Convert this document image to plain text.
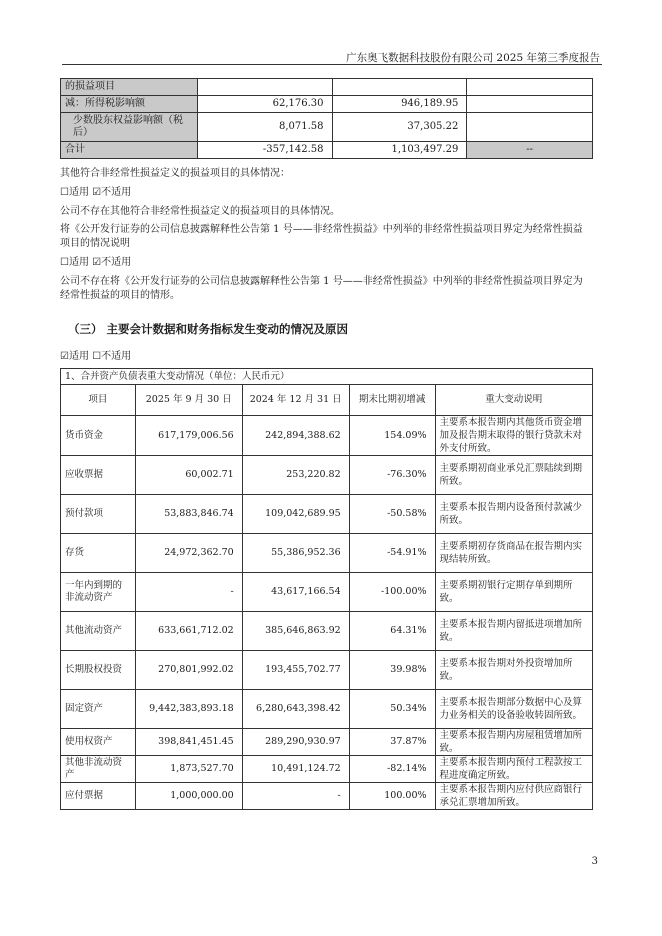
广东奥飞数据科技股份有限公司 2025 年第三季度报告
的损益项目			
减：所得税影响额	62,176.30	946,189.95	
少数股东权益影响额（税后）	8,071.58	37,305.22	
合计	-357,142.58	1,103,497.29	--
其他符合非经常性损益定义的损益项目的具体情况：
☐适用 ☑不适用
公司不存在其他符合非经常性损益定义的损益项目的具体情况。
将《公开发行证券的公司信息披露解释性公告第 1 号——非经常性损益》中列举的非经常性损益项目界定为经常性损益
项目的情况说明
☐适用 ☑不适用
公司不存在将《公开发行证券的公司信息披露解释性公告第 1 号——非经常性损益》中列举的非经常性损益项目界定为
经常性损益的项目的情形。
（三） 主要会计数据和财务指标发生变动的情况及原因
☑适用 ☐不适用
1、合并资产负债表重大变动情况（单位：人民币元）				
项目	2025 年 9 月 30 日	2024 年 12 月 31 日	期末比期初增减	重大变动说明
货币资金	617,179,006.56	242,894,388.62	154.09%	主要系本报告期内其他货币资金增加及报告期末取得的银行贷款未对外支付所致。
应收票据	60,002.71	253,220.82	-76.30%	主要系期初商业承兑汇票陆续到期所致。
预付款项	53,883,846.74	109,042,689.95	-50.58%	主要系本报告期内设备预付款减少所致。
存货	24,972,362.70	55,386,952.36	-54.91%	主要系期初存货商品在报告期内实现结转所致。
一年内到期的非流动资产	-	43,617,166.54	-100.00%	主要系期初银行定期存单到期所致。
其他流动资产	633,661,712.02	385,646,863.92	64.31%	主要系本报告期内留抵进项增加所致。
长期股权投资	270,801,992.02	193,455,702.77	39.98%	主要系本报告期对外投资增加所致。
固定资产	9,442,383,893.18	6,280,643,398.42	50.34%	主要系本报告期部分数据中心及算力业务相关的设备验收转固所致。
使用权资产	398,841,451.45	289,290,930.97	37.87%	主要系本报告期内房屋租赁增加所致。
其他非流动资产	1,873,527.70	10,491,124.72	-82.14%	主要系本报告期内预付工程款按工程进度确定所致。
应付票据	1,000,000.00	-	100.00%	主要系本报告期内应付供应商银行承兑汇票增加所致。
3
